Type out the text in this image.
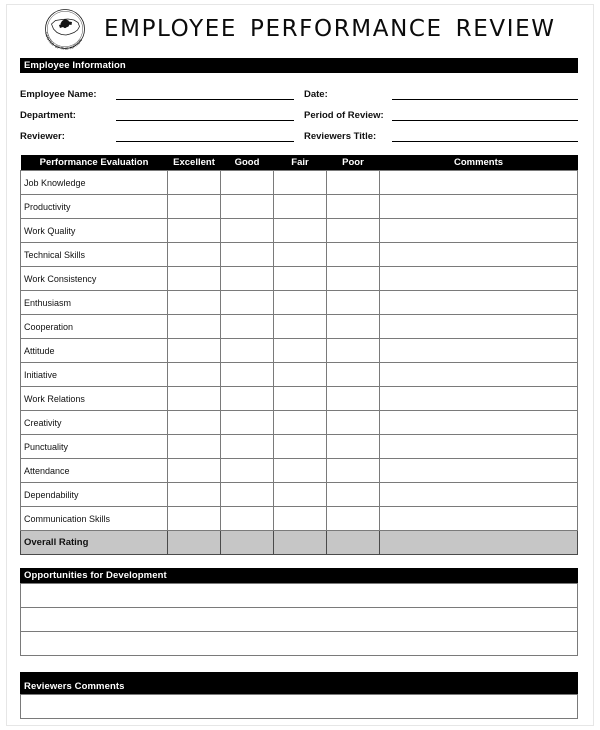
CENTER OF THE NATION EMPLOYEE PERFORMANCE REVIEW
Employee Information
Employee Name:
Department:
Reviewer:
Date:
Period of Review:
Reviewers Title:
Performance Evaluation	Excellent	Good	Fair	Poor	Comments
Job Knowledge					
Productivity					
Work Quality					
Technical Skills					
Work Consistency					
Enthusiasm					
Cooperation					
Attitude					
Initiative					
Work Relations					
Creativity					
Punctuality					
Attendance					
Dependability					
Communication Skills					
Overall Rating					
Opportunities for Development

Reviewers Comments
